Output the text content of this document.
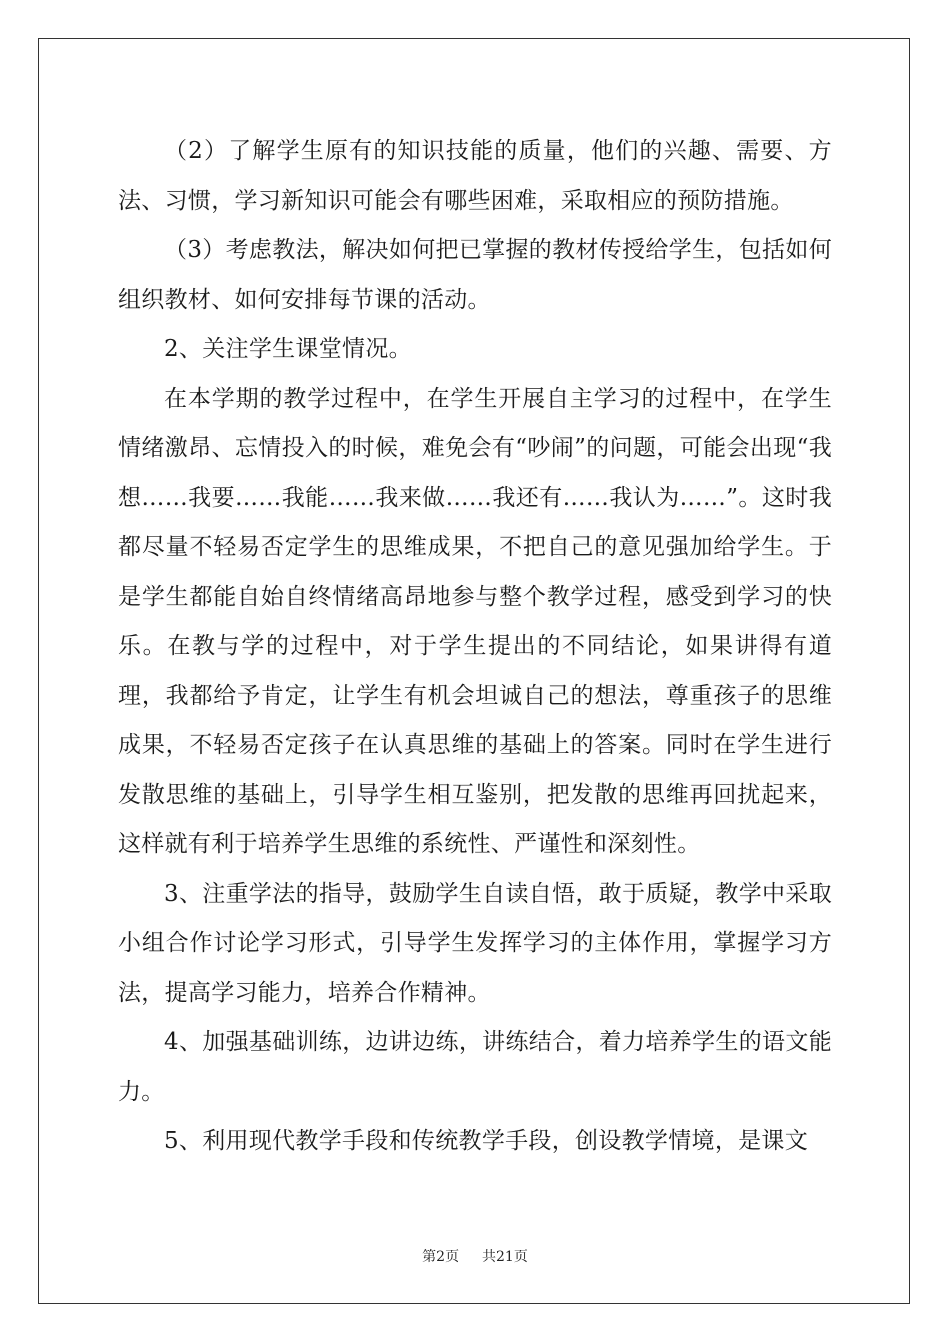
（2）了解学生原有的知识技能的质量，他们的兴趣、需要、方法、习惯，学习新知识可能会有哪些困难，采取相应的预防措施。

（3）考虑教法，解决如何把已掌握的教材传授给学生，包括如何组织教材、如何安排每节课的活动。

2、关注学生课堂情况。

在本学期的教学过程中，在学生开展自主学习的过程中，在学生情绪激昂、忘情投入的时候，难免会有“吵闹”的问题，可能会出现“我想……我要……我能……我来做……我还有……我认为……”。这时我都尽量不轻易否定学生的思维成果，不把自己的意见强加给学生。于是学生都能自始自终情绪高昂地参与整个教学过程，感受到学习的快乐。在教与学的过程中，对于学生提出的不同结论，如果讲得有道理，我都给予肯定，让学生有机会坦诚自己的想法，尊重孩子的思维成果，不轻易否定孩子在认真思维的基础上的答案。同时在学生进行发散思维的基础上，引导学生相互鉴别，把发散的思维再回扰起来，这样就有利于培养学生思维的系统性、严谨性和深刻性。

3、注重学法的指导，鼓励学生自读自悟，敢于质疑，教学中采取小组合作讨论学习形式，引导学生发挥学习的主体作用，掌握学习方法，提高学习能力，培养合作精神。

4、加强基础训练，边讲边练，讲练结合，着力培养学生的语文能力。

5、利用现代教学手段和传统教学手段，创设教学情境，是课文

第2页 共21页
